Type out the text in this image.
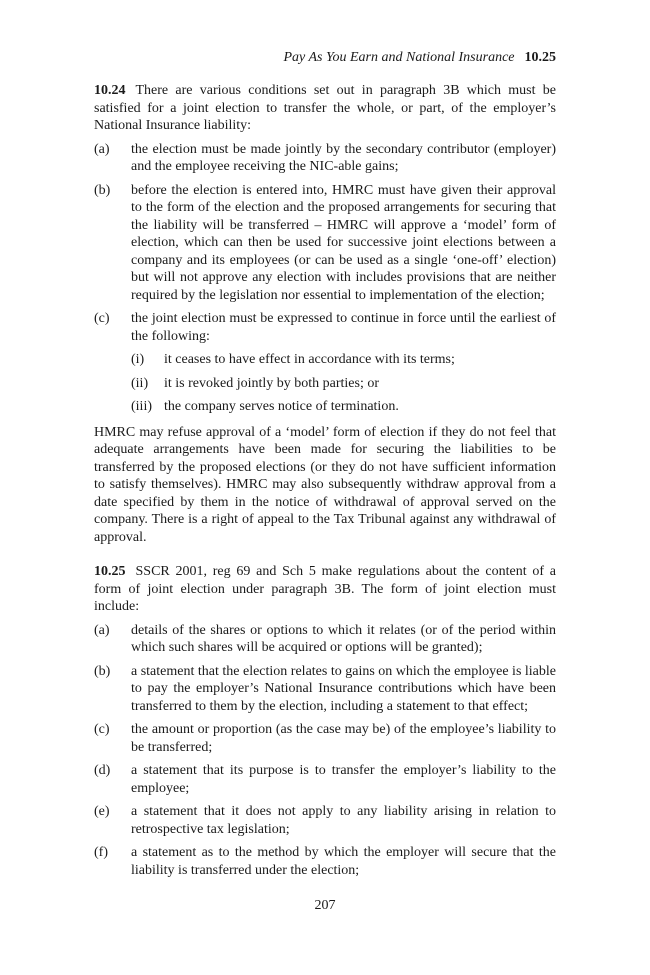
Pay As You Earn and National Insurance 10.25

10.24 There are various conditions set out in paragraph 3B which must be satisfied for a joint election to transfer the whole, or part, of the employer’s National Insurance liability:

(a) the election must be made jointly by the secondary contributor (employer) and the employee receiving the NIC-able gains;
(b) before the election is entered into, HMRC must have given their approval to the form of the election and the proposed arrangements for securing that the liability will be transferred – HMRC will approve a ‘model’ form of election, which can then be used for successive joint elections between a company and its employees (or can be used as a single ‘one-off’ election) but will not approve any election with includes provisions that are neither required by the legislation nor essential to implementation of the election;
(c) the joint election must be expressed to continue in force until the earliest of the following:
(i) it ceases to have effect in accordance with its terms;
(ii) it is revoked jointly by both parties; or
(iii) the company serves notice of termination.

HMRC may refuse approval of a ‘model’ form of election if they do not feel that adequate arrangements have been made for securing the liabilities to be transferred by the proposed elections (or they do not have sufficient information to satisfy themselves). HMRC may also subsequently withdraw approval from a date specified by them in the notice of withdrawal of approval served on the company. There is a right of appeal to the Tax Tribunal against any withdrawal of approval.

10.25 SSCR 2001, reg 69 and Sch 5 make regulations about the content of a form of joint election under paragraph 3B. The form of joint election must include:

(a) details of the shares or options to which it relates (or of the period within which such shares will be acquired or options will be granted);
(b) a statement that the election relates to gains on which the employee is liable to pay the employer’s National Insurance contributions which have been transferred to them by the election, including a statement to that effect;
(c) the amount or proportion (as the case may be) of the employee’s liability to be transferred;
(d) a statement that its purpose is to transfer the employer’s liability to the employee;
(e) a statement that it does not apply to any liability arising in relation to retrospective tax legislation;
(f) a statement as to the method by which the employer will secure that the liability is transferred under the election;
207
